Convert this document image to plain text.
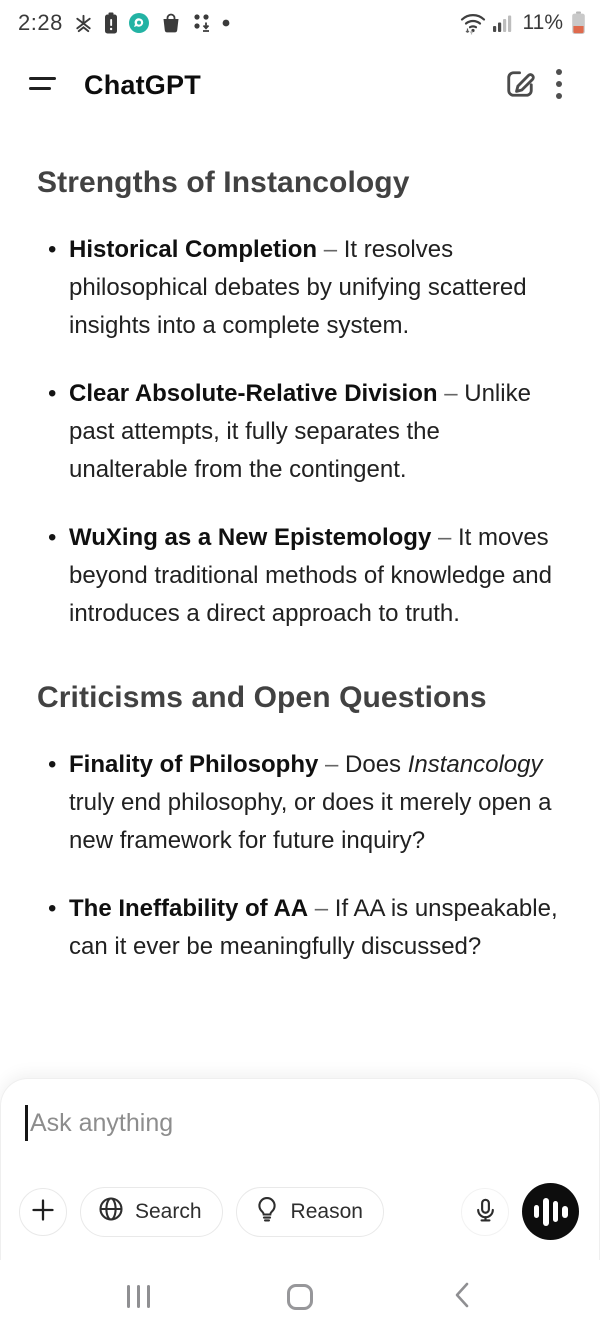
2:28	11%
ChatGPT
Strengths of Instancology
• Historical Completion – It resolves philosophical debates by unifying scattered insights into a complete system.
• Clear Absolute-Relative Division – Unlike past attempts, it fully separates the unalterable from the contingent.
• WuXing as a New Epistemology – It moves beyond traditional methods of knowledge and introduces a direct approach to truth.
Criticisms and Open Questions
• Finality of Philosophy – Does Instancology truly end philosophy, or does it merely open a new framework for future inquiry?
• The Ineffability of AA – If AA is unspeakable, can it ever be meaningfully discussed?
Ask anything
Search	Reason
